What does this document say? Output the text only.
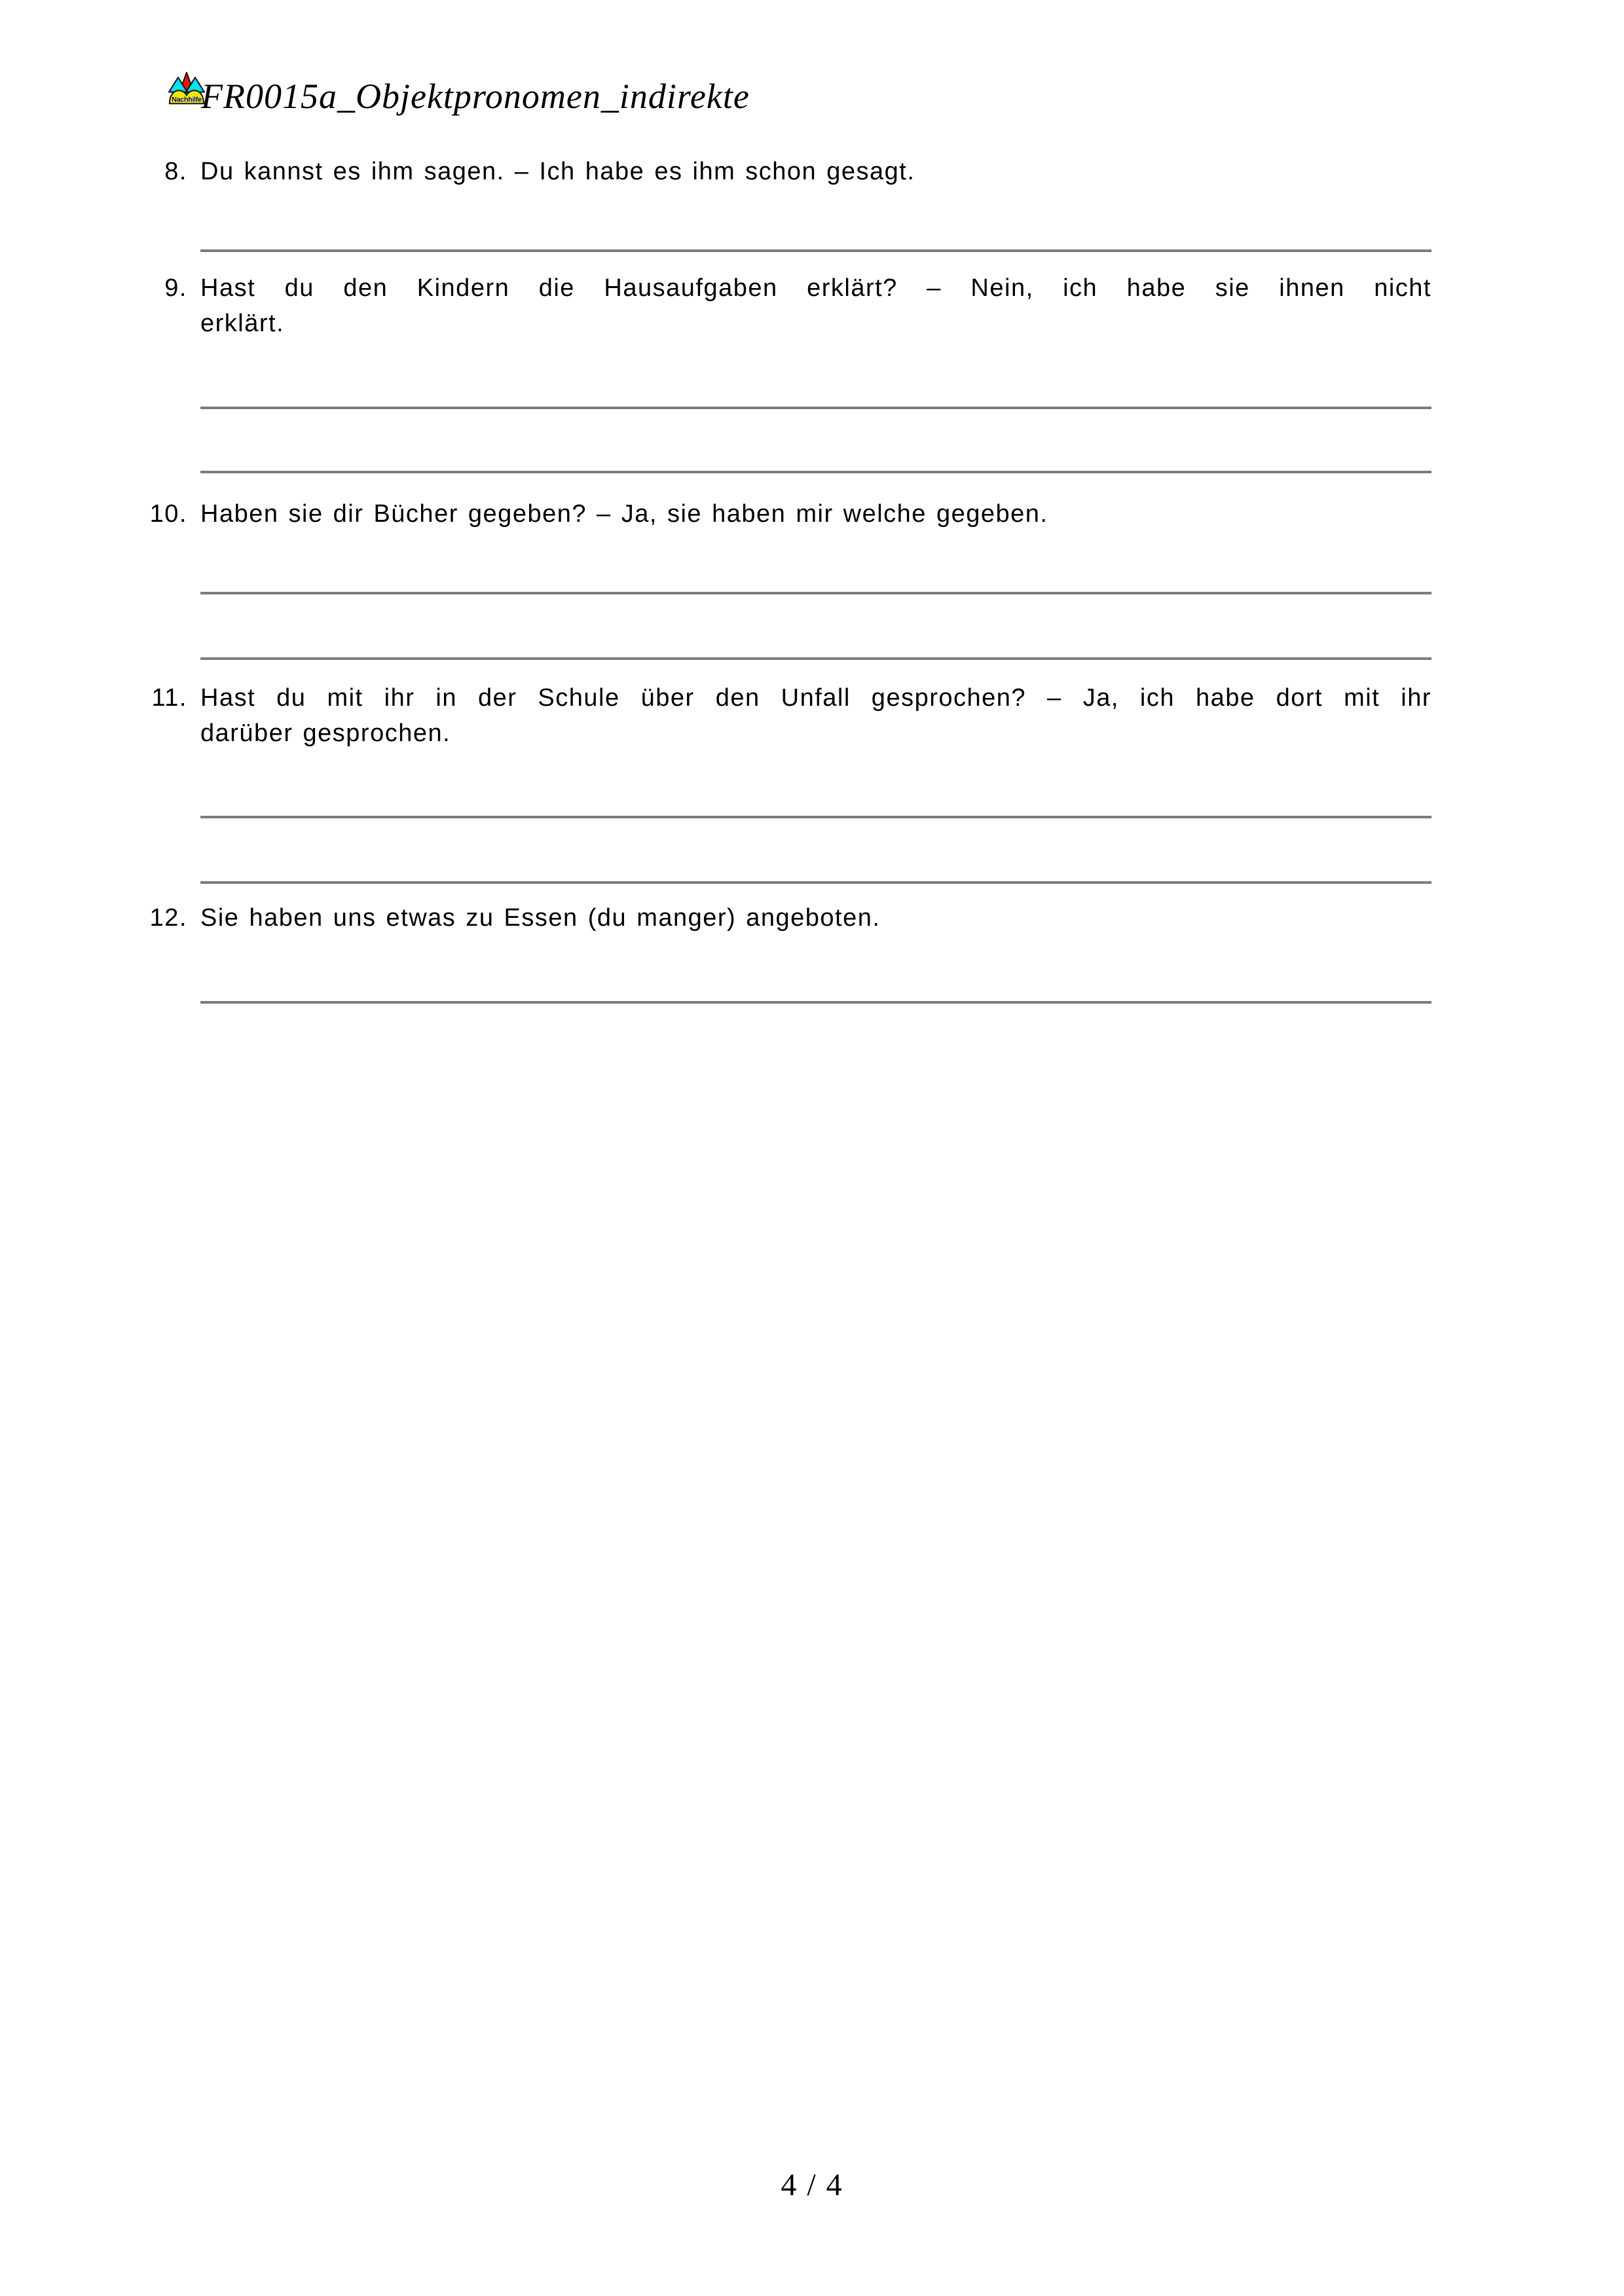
Nachhilfe FR0015a_Objektpronomen_indirekte
8. Du kannst es ihm sagen. – Ich habe es ihm schon gesagt.
9. Hast du den Kindern die Hausaufgaben erklärt? – Nein, ich habe sie ihnen nicht
erklärt.
10. Haben sie dir Bücher gegeben? – Ja, sie haben mir welche gegeben.
11. Hast du mit ihr in der Schule über den Unfall gesprochen? – Ja, ich habe dort mit ihr
darüber gesprochen.
12. Sie haben uns etwas zu Essen (du manger) angeboten.
4 / 4
